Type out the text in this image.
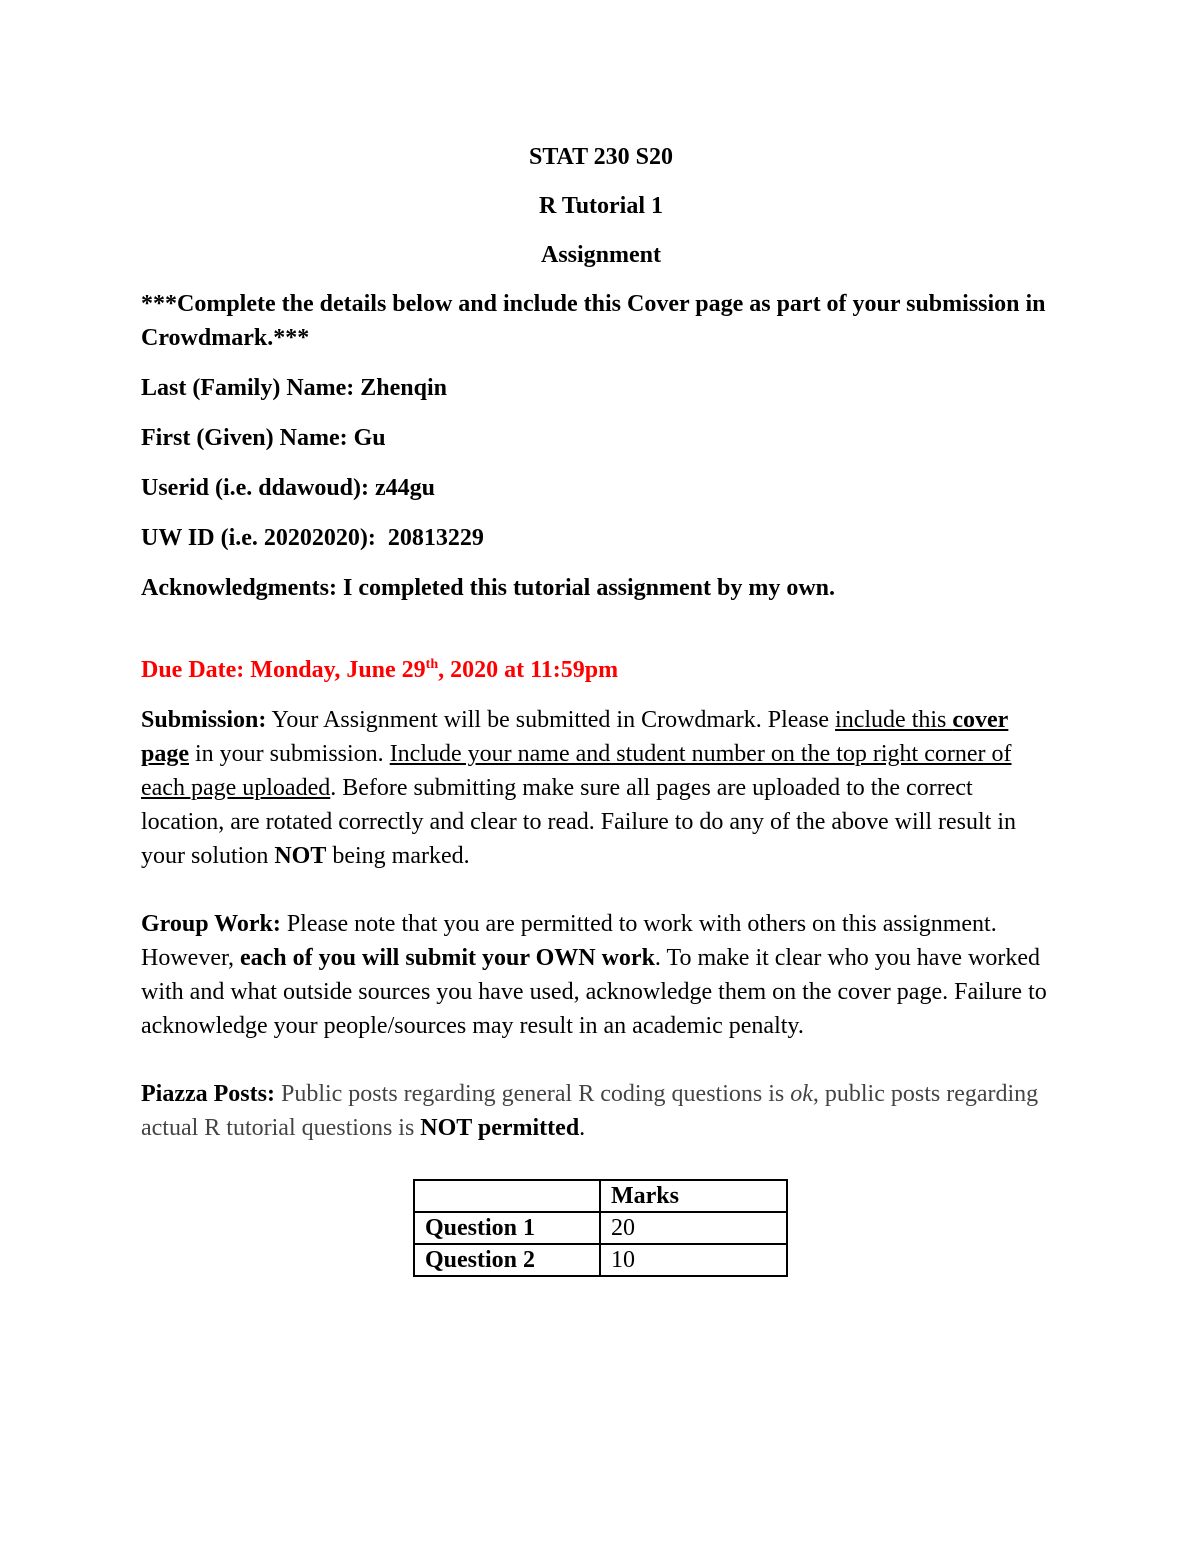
STAT 230 S20

R Tutorial 1

Assignment

***Complete the details below and include this Cover page as part of your submission in Crowdmark.***

Last (Family) Name: Zhenqin

First (Given) Name: Gu

Userid (i.e. ddawoud): z44gu

UW ID (i.e. 20202020): 20813229

Acknowledgments: I completed this tutorial assignment by my own.

Due Date: Monday, June 29th, 2020 at 11:59pm

Submission: Your Assignment will be submitted in Crowdmark. Please include this cover page in your submission. Include your name and student number on the top right corner of each page uploaded. Before submitting make sure all pages are uploaded to the correct location, are rotated correctly and clear to read. Failure to do any of the above will result in your solution NOT being marked.

Group Work: Please note that you are permitted to work with others on this assignment. However, each of you will submit your OWN work. To make it clear who you have worked with and what outside sources you have used, acknowledge them on the cover page. Failure to acknowledge your people/sources may result in an academic penalty.

Piazza Posts: Public posts regarding general R coding questions is ok, public posts regarding actual R tutorial questions is NOT permitted.

	Marks
Question 1	20
Question 2	10
